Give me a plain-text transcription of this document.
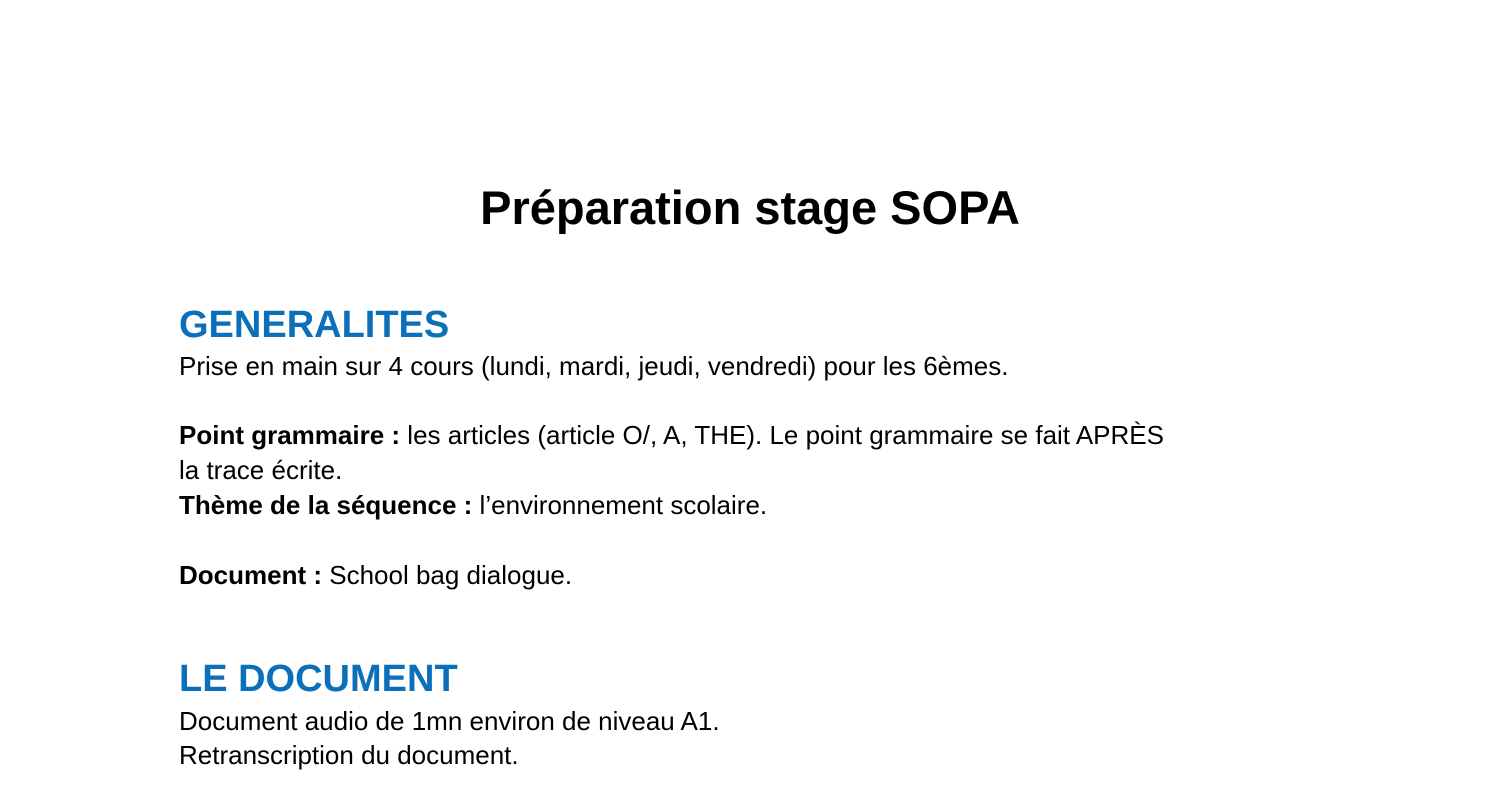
Préparation stage SOPA
GENERALITES
Prise en main sur 4 cours (lundi, mardi, jeudi, vendredi) pour les 6èmes.
Point grammaire : les articles (article O/, A, THE). Le point grammaire se fait APRÈS
la trace écrite.
Thème de la séquence : l’environnement scolaire.
Document : School bag dialogue.
LE DOCUMENT
Document audio de 1mn environ de niveau A1.
Retranscription du document.
